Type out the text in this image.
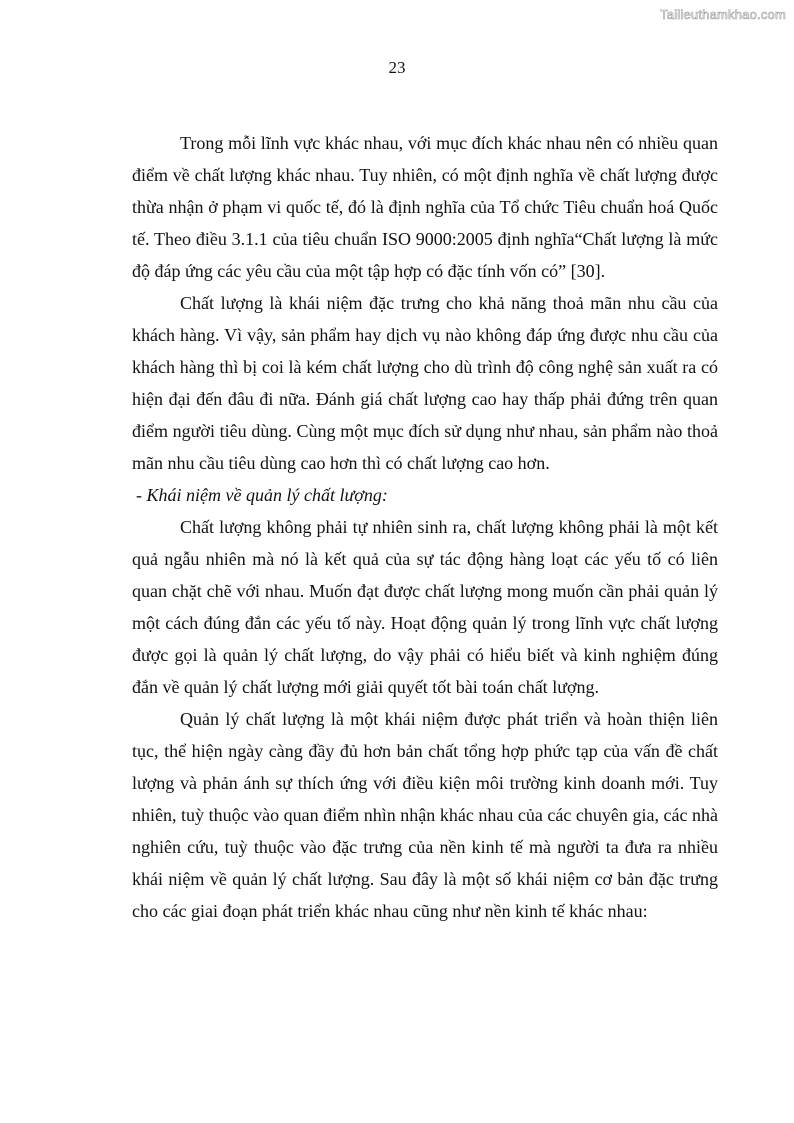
Tailieuthamkhao.com
23

Trong mỗi lĩnh vực khác nhau, với mục đích khác nhau nên có nhiều quan điểm về chất lượng khác nhau. Tuy nhiên, có một định nghĩa về chất lượng được thừa nhận ở phạm vi quốc tế, đó là định nghĩa của Tổ chức Tiêu chuẩn hoá Quốc tế. Theo điều 3.1.1 của tiêu chuẩn ISO 9000:2005 định nghĩa“Chất lượng là mức độ đáp ứng các yêu cầu của một tập hợp có đặc tính vốn có” [30].

Chất lượng là khái niệm đặc trưng cho khả năng thoả mãn nhu cầu của khách hàng. Vì vậy, sản phẩm hay dịch vụ nào không đáp ứng được nhu cầu của khách hàng thì bị coi là kém chất lượng cho dù trình độ công nghệ sản xuất ra có hiện đại đến đâu đi nữa. Đánh giá chất lượng cao hay thấp phải đứng trên quan điểm người tiêu dùng. Cùng một mục đích sử dụng như nhau, sản phẩm nào thoả mãn nhu cầu tiêu dùng cao hơn thì có chất lượng cao hơn.

- Khái niệm về quản lý chất lượng:

Chất lượng không phải tự nhiên sinh ra, chất lượng không phải là một kết quả ngẫu nhiên mà nó là kết quả của sự tác động hàng loạt các yếu tố có liên quan chặt chẽ với nhau. Muốn đạt được chất lượng mong muốn cần phải quản lý một cách đúng đắn các yếu tố này. Hoạt động quản lý trong lĩnh vực chất lượng được gọi là quản lý chất lượng, do vậy phải có hiểu biết và kinh nghiệm đúng đắn về quản lý chất lượng mới giải quyết tốt bài toán chất lượng.

Quản lý chất lượng là một khái niệm được phát triển và hoàn thiện liên tục, thể hiện ngày càng đầy đủ hơn bản chất tổng hợp phức tạp của vấn đề chất lượng và phản ánh sự thích ứng với điều kiện môi trường kinh doanh mới. Tuy nhiên, tuỳ thuộc vào quan điểm nhìn nhận khác nhau của các chuyên gia, các nhà nghiên cứu, tuỳ thuộc vào đặc trưng của nền kinh tế mà người ta đưa ra nhiều khái niệm về quản lý chất lượng. Sau đây là một số khái niệm cơ bản đặc trưng cho các giai đoạn phát triển khác nhau cũng như nền kinh tế khác nhau:
